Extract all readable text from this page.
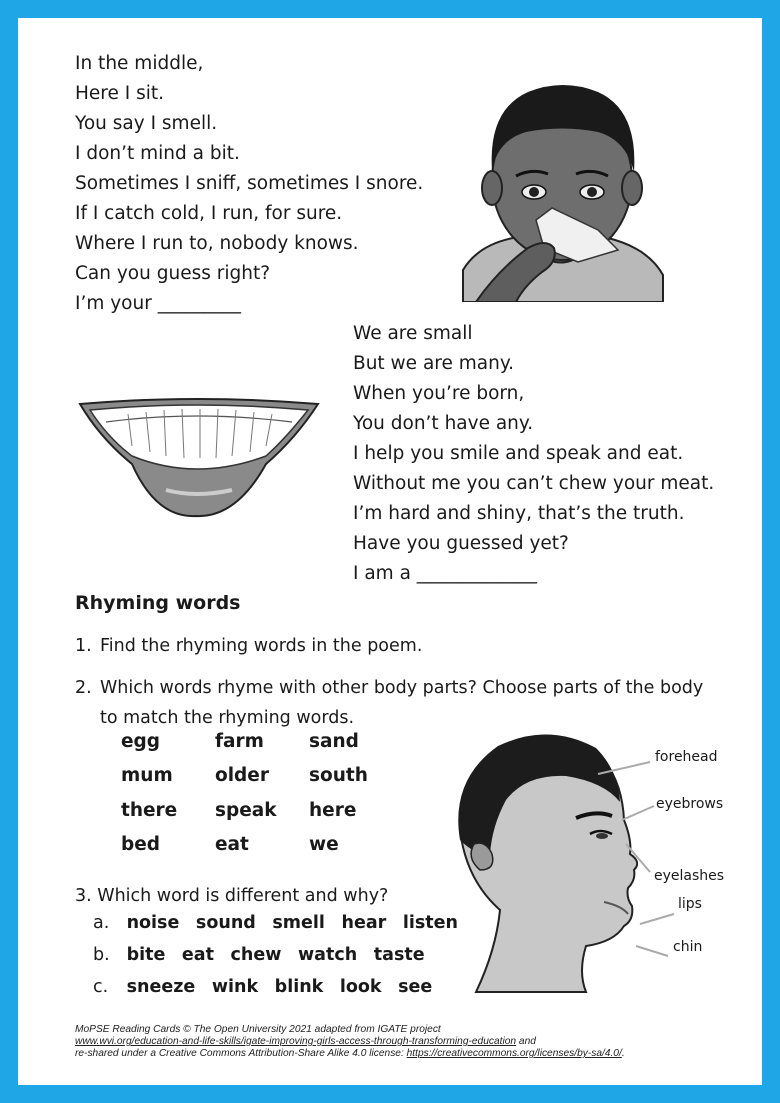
In the middle,
Here I sit.
You say I smell.
I don’t mind a bit.
Sometimes I sniff, sometimes I snore.
If I catch cold, I run, for sure.
Where I run to, nobody knows.
Can you guess right?
I’m your _________
We are small
But we are many.
When you’re born,
You don’t have any.
I help you smile and speak and eat.
Without me you can’t chew your meat.
I’m hard and shiny, that’s the truth.
Have you guessed yet?
I am a _____________
Rhyming words
1. Find the rhyming words in the poem.
2. Which words rhyme with other body parts? Choose parts of the body to match the rhyming words.
egg	farm sand
mum older south
there speak here
bed	eat	we
forehead
eyebrows
eyelashes
lips
chin
3. Which word is different and why?
a. noise sound smell hear listen
b. bite eat chew watch taste
c. sneeze wink blink look see
MoPSE Reading Cards © The Open University 2021 adapted from IGATE project
www.wvi.org/education-and-life-skills/igate-improving-girls-access-through-transforming-education and
re-shared under a Creative Commons Attribution-Share Alike 4.0 license: https://creativecommons.org/licenses/by-sa/4.0/.
